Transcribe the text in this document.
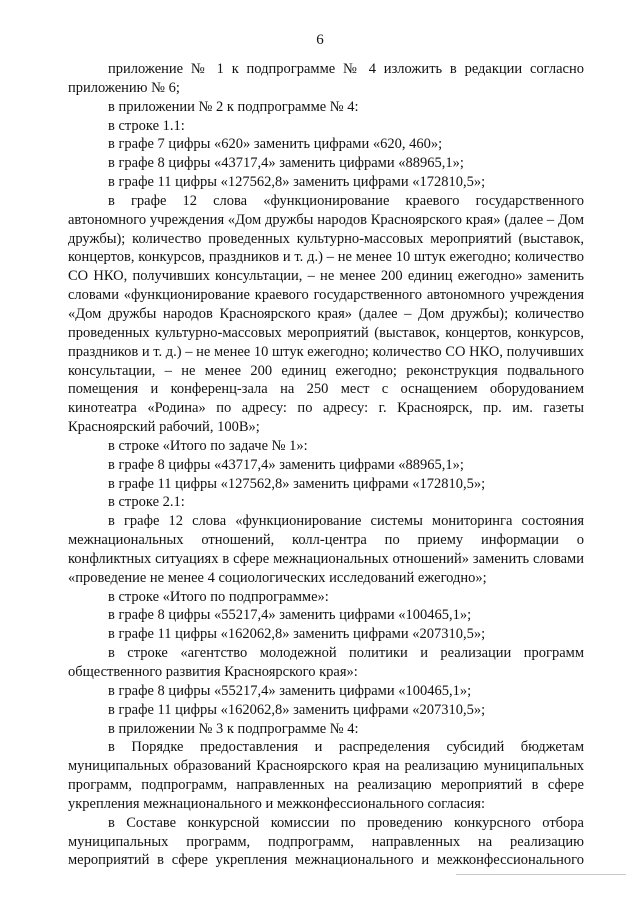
6

приложение № 1 к подпрограмме № 4 изложить в редакции согласно приложению № 6;

в приложении № 2 к подпрограмме № 4:

в строке 1.1:

в графе 7 цифры «620» заменить цифрами «620, 460»;

в графе 8 цифры «43717,4» заменить цифрами «88965,1»;

в графе 11 цифры «127562,8» заменить цифрами «172810,5»;

в графе 12 слова «функционирование краевого государственного автономного учреждения «Дом дружбы народов Красноярского края» (далее – Дом дружбы); количество проведенных культурно-массовых мероприятий (выставок, концертов, конкурсов, праздников и т. д.) – не менее 10 штук ежегодно; количество СО НКО, получивших консультации, – не менее 200 единиц ежегодно» заменить словами «функционирование краевого государственного автономного учреждения «Дом дружбы народов Красноярского края» (далее – Дом дружбы); количество проведенных культурно-массовых мероприятий (выставок, концертов, конкурсов, праздников и т. д.) – не менее 10 штук ежегодно; количество СО НКО, получивших консультации, – не менее 200 единиц ежегодно; реконструкция подвального помещения и конференц-зала на 250 мест с оснащением оборудованием кинотеатра «Родина» по адресу: по адресу: г. Красноярск, пр. им. газеты Красноярский рабочий, 100В»;

в строке «Итого по задаче № 1»:

в графе 8 цифры «43717,4» заменить цифрами «88965,1»;

в графе 11 цифры «127562,8» заменить цифрами «172810,5»;

в строке 2.1:

в графе 12 слова «функционирование системы мониторинга состояния межнациональных отношений, колл-центра по приему информации о конфликтных ситуациях в сфере межнациональных отношений» заменить словами «проведение не менее 4 социологических исследований ежегодно»;

в строке «Итого по подпрограмме»:

в графе 8 цифры «55217,4» заменить цифрами «100465,1»;

в графе 11 цифры «162062,8» заменить цифрами «207310,5»;

в строке «агентство молодежной политики и реализации программ общественного развития Красноярского края»:

в графе 8 цифры «55217,4» заменить цифрами «100465,1»;

в графе 11 цифры «162062,8» заменить цифрами «207310,5»;

в приложении № 3 к подпрограмме № 4:

в Порядке предоставления и распределения субсидий бюджетам муниципальных образований Красноярского края на реализацию муниципальных программ, подпрограмм, направленных на реализацию мероприятий в сфере укрепления межнационального и межконфессионального согласия:

в Составе конкурсной комиссии по проведению конкурсного отбора муниципальных программ, подпрограмм, направленных на реализацию мероприятий в сфере укрепления межнационального и межконфессионального
